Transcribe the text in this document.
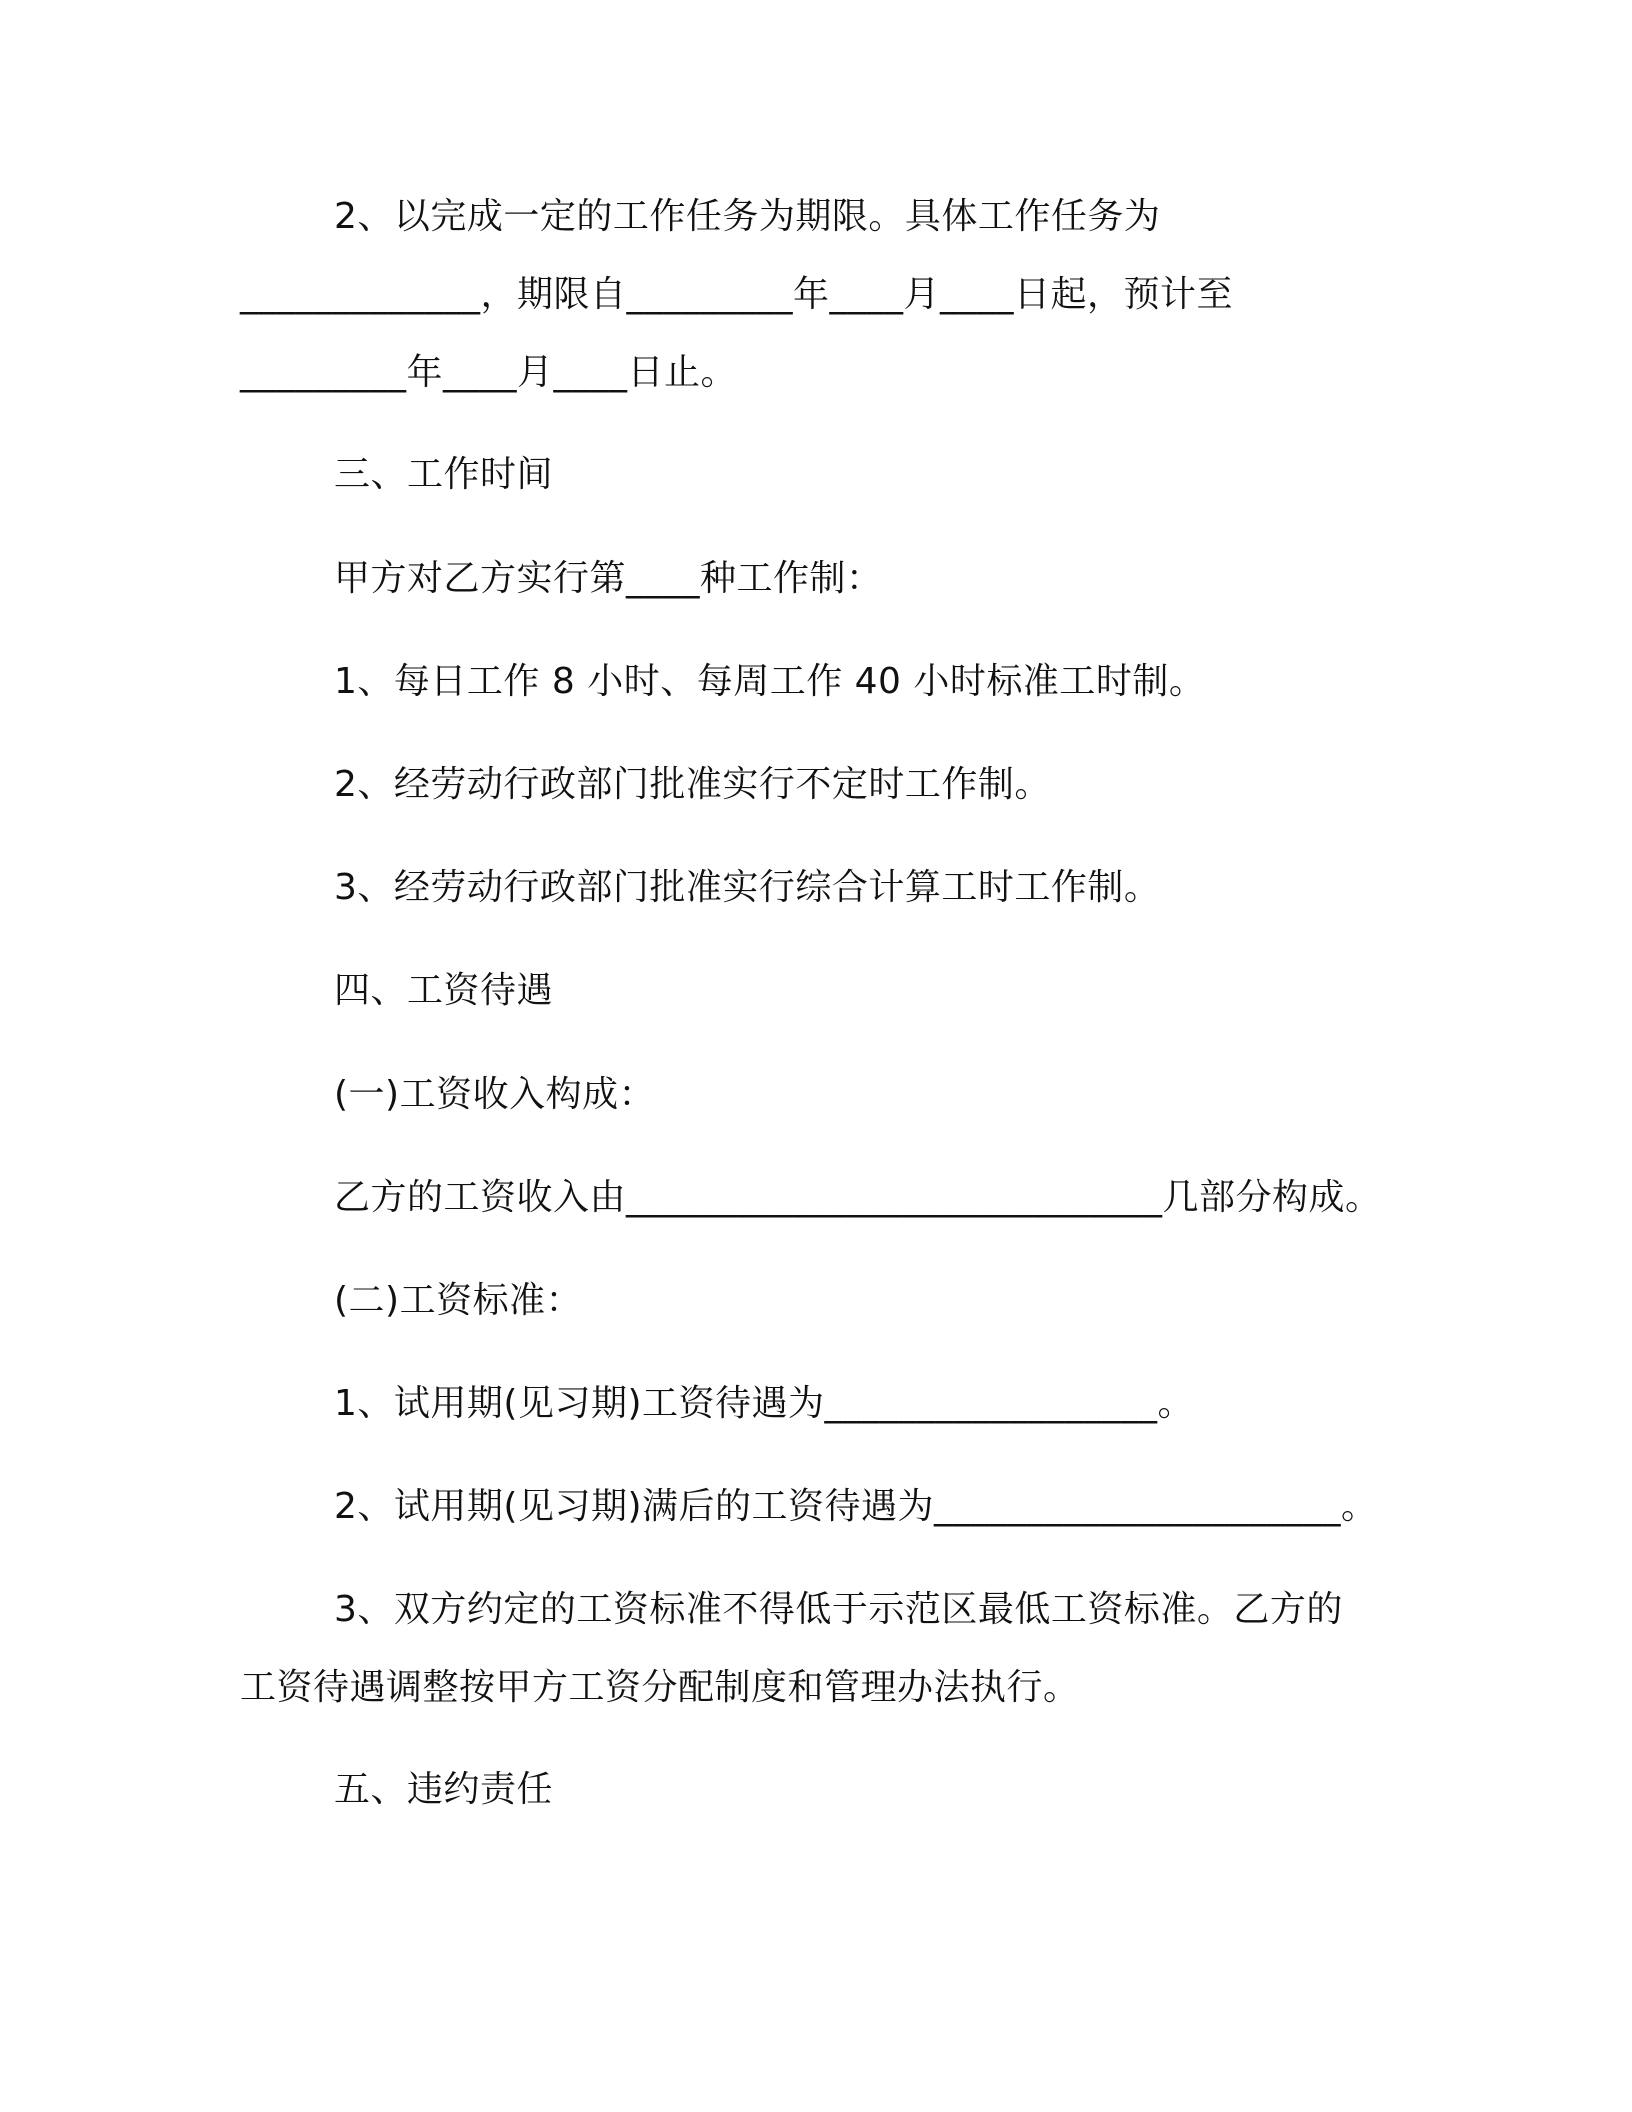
2、以完成一定的工作任务为期限。具体工作任务为
_____________，期限自_________年____月____日起，预计至
_________年____月____日止。
三、工作时间
甲方对乙方实行第____种工作制：
1、每日工作 8 小时、每周工作 40 小时标准工时制。
2、经劳动行政部门批准实行不定时工作制。
3、经劳动行政部门批准实行综合计算工时工作制。
四、工资待遇
(一)工资收入构成：
乙方的工资收入由_____________________________几部分构成。
(二)工资标准：
1、试用期(见习期)工资待遇为__________________。
2、试用期(见习期)满后的工资待遇为______________________。
3、双方约定的工资标准不得低于示范区最低工资标准。乙方的
工资待遇调整按甲方工资分配制度和管理办法执行。
五、违约责任
